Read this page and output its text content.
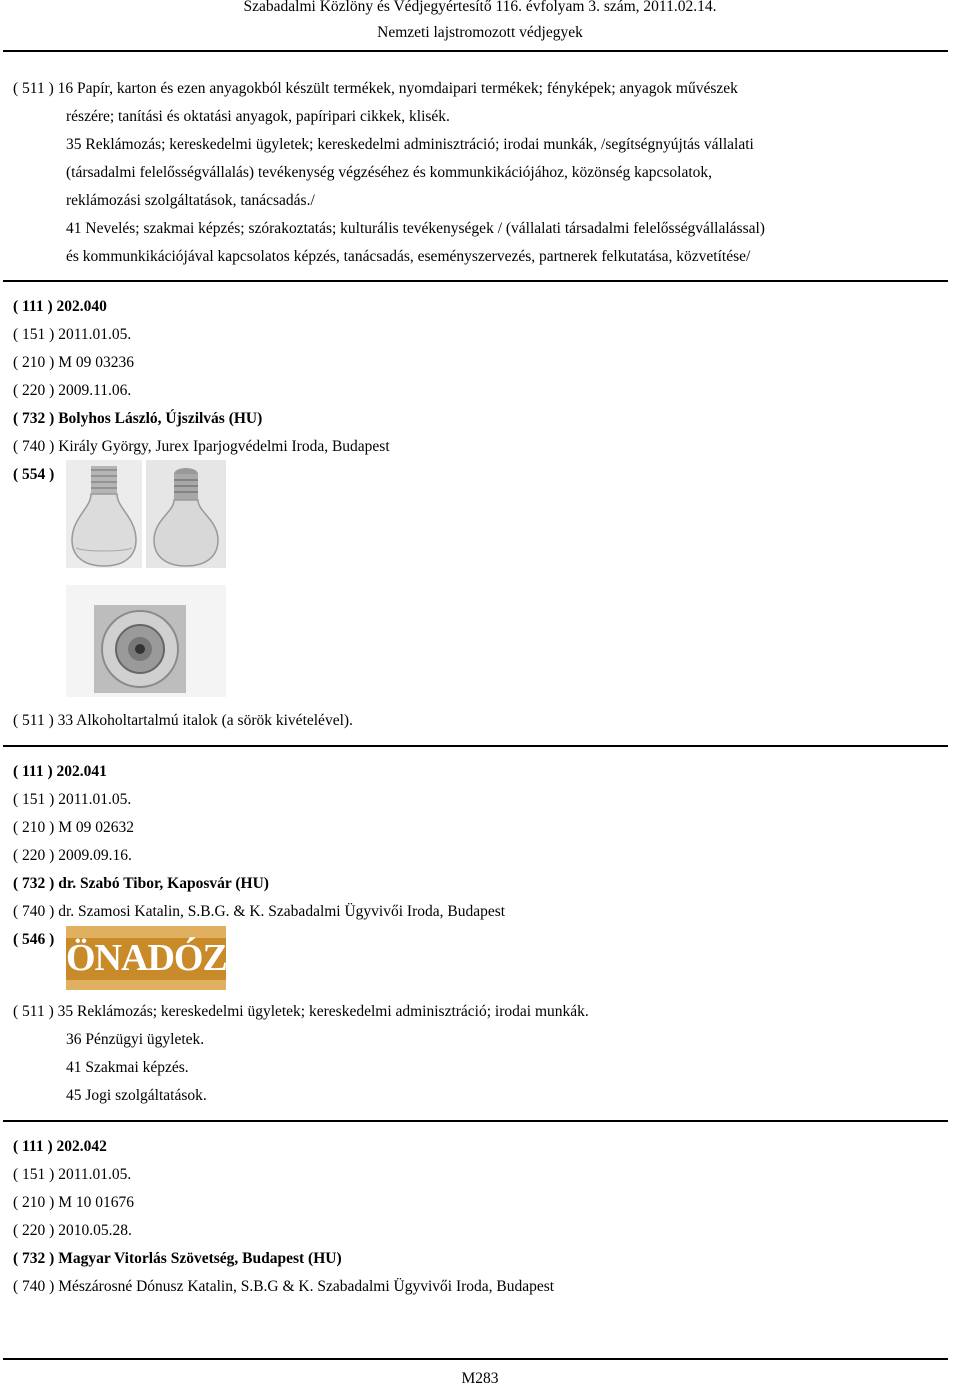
Szabadalmi Közlöny és Védjegyértesítő 116. évfolyam 3. szám, 2011.02.14.
Nemzeti lajstromozott védjegyek
( 511 ) 16 Papír, karton és ezen anyagokból készült termékek, nyomdaipari termékek; fényképek; anyagok művészek
részére; tanítási és oktatási anyagok, papíripari cikkek, klisék.
35 Reklámozás; kereskedelmi ügyletek; kereskedelmi adminisztráció; irodai munkák, /segítségnyújtás vállalati
(társadalmi felelősségvállalás) tevékenység végzéséhez és kommunkikációjához, közönség kapcsolatok,
reklámozási szolgáltatások, tanácsadás./
41 Nevelés; szakmai képzés; szórakoztatás; kulturális tevékenységek / (vállalati társadalmi felelősségvállalással)
és kommunkikációjával kapcsolatos képzés, tanácsadás, eseményszervezés, partnerek felkutatása, közvetítése/
( 111 ) 202.040
( 151 ) 2011.01.05.
( 210 ) M 09 03236
( 220 ) 2009.11.06.
( 732 ) Bolyhos László, Újszilvás (HU)
( 740 ) Király György, Jurex Iparjogvédelmi Iroda, Budapest
( 554 )
( 511 ) 33 Alkoholtartalmú italok (a sörök kivételével).
( 111 ) 202.041
( 151 ) 2011.01.05.
( 210 ) M 09 02632
( 220 ) 2009.09.16.
( 732 ) dr. Szabó Tibor, Kaposvár (HU)
( 740 ) dr. Szamosi Katalin, S.B.G. & K. Szabadalmi Ügyvivői Iroda, Budapest
( 546 ) ÖNADÓZÓ
( 511 ) 35 Reklámozás; kereskedelmi ügyletek; kereskedelmi adminisztráció; irodai munkák.
36 Pénzügyi ügyletek.
41 Szakmai képzés.
45 Jogi szolgáltatások.
( 111 ) 202.042
( 151 ) 2011.01.05.
( 210 ) M 10 01676
( 220 ) 2010.05.28.
( 732 ) Magyar Vitorlás Szövetség, Budapest (HU)
( 740 ) Mészárosné Dónusz Katalin, S.B.G & K. Szabadalmi Ügyvivői Iroda, Budapest
M283
